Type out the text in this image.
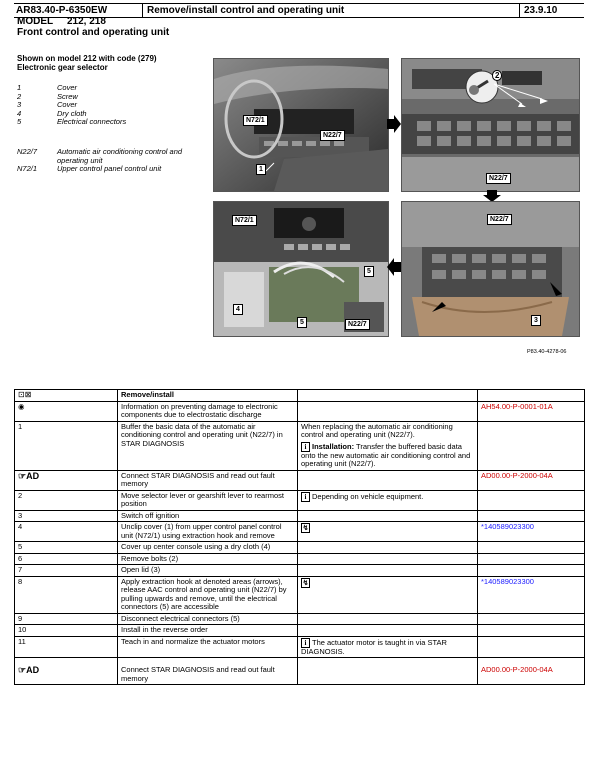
AR83.40-P-6350EW	Remove/install control and operating unit	23.9.10
MODEL 212, 218
Front control and operating unit
Shown on model 212 with code (279)
Electronic gear selector
1	Cover
2	Screw
3	Cover
4	Dry cloth
5	Electrical connectors
N22/7	Automatic air conditioning control and operating unit
N72/1	Upper control panel control unit
N72/1
N22/7
1
2
N22/7
N72/1
4
5
5	N22/7
N22/7
3
P83.40-4278-06
⊡⊠	Remove/install		
◉	Information on preventing damage to electronic components due to electrostatic discharge		AH54.00-P-0001-01A
1	Buffer the basic data of the automatic air conditioning control and operating unit (N22/7) in STAR DIAGNOSIS	When replacing the automatic air conditioning control and operating unit (N22/7).
i Installation: Transfer the buffered basic data onto the new automatic air conditioning control and operating unit (N22/7).	

☞AD	Connect STAR DIAGNOSIS and read out fault memory		AD00.00-P-2000-04A
2	Move selector lever or gearshift lever to rearmost position	i Depending on vehicle equipment.	
3	Switch off ignition		
4	Unclip cover (1) from upper control panel control unit (N72/1) using extraction hook and remove	↯	*140589023300
5	Cover up center console using a dry cloth (4)		
6	Remove bolts (2)		
7	Open lid (3)		
8	Apply extraction hook at denoted areas (arrows), release AAC control and operating unit (N22/7) by pulling upwards and remove, until the electrical connectors (5) are accessible	↯	*140589023300
9	Disconnect electrical connectors (5)		
10	Install in the reverse order		
11	Teach in and normalize the actuator motors	i The actuator motor is taught in via STAR DIAGNOSIS.	
☞AD	Connect STAR DIAGNOSIS and read out fault memory		AD00.00-P-2000-04A
